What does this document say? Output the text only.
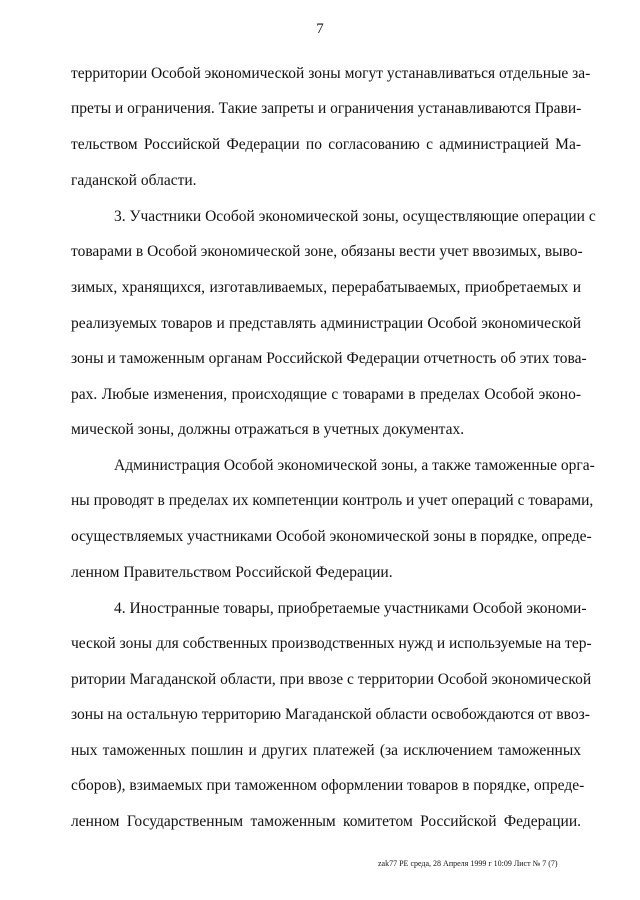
7
территории Особой экономической зоны могут устанавливаться отдельные за-
преты и ограничения. Такие запреты и ограничения устанавливаются Прави-
тельством Российской Федерации по согласованию с администрацией Ма-
гаданской области.
3. Участники Особой экономической зоны, осуществляющие операции с
товарами в Особой экономической зоне, обязаны вести учет ввозимых, выво-
зимых, хранящихся, изготавливаемых, перерабатываемых, приобретаемых и
реализуемых товаров и представлять администрации Особой экономической
зоны и таможенным органам Российской Федерации отчетность об этих това-
рах. Любые изменения, происходящие с товарами в пределах Особой эконо-
мической зоны, должны отражаться в учетных документах.
Администрация Особой экономической зоны, а также таможенные орга-
ны проводят в пределах их компетенции контроль и учет операций с товарами,
осуществляемых участниками Особой экономической зоны в порядке, опреде-
ленном Правительством Российской Федерации.
4. Иностранные товары, приобретаемые участниками Особой экономи-
ческой зоны для собственных производственных нужд и используемые на тер-
ритории Магаданской области, при ввозе с территории Особой экономической
зоны на остальную территорию Магаданской области освобождаются от ввоз-
ных таможенных пошлин и других платежей (за исключением таможенных
сборов), взимаемых при таможенном оформлении товаров в порядке, опреде-
ленном Государственным таможенным комитетом Российской Федерации.
zak77 РЕ среда, 28 Апреля 1999 г 10:09 Лист № 7 (7)
